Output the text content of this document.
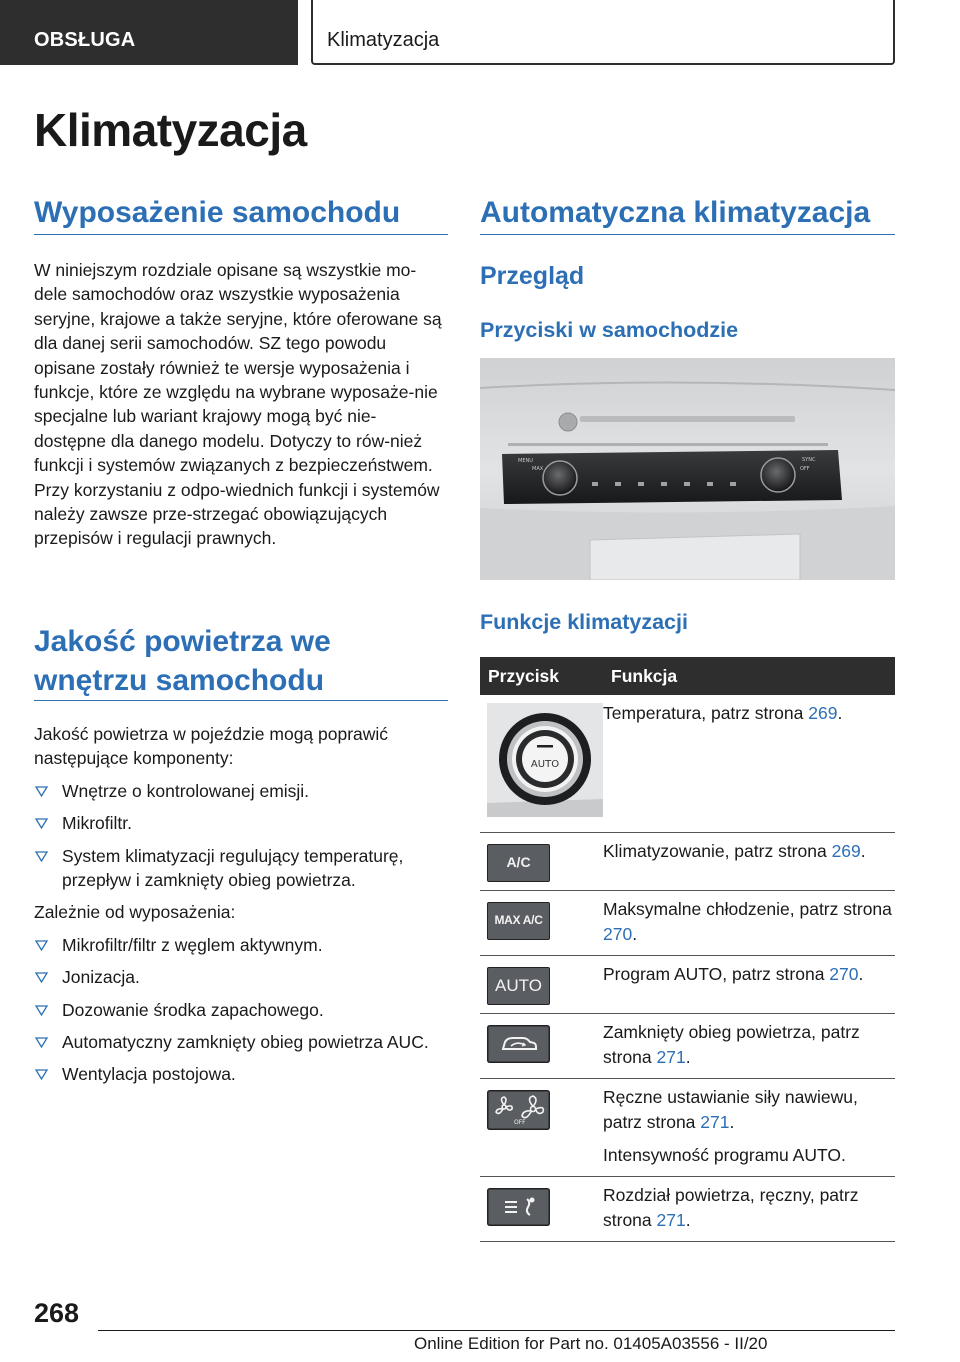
OBSŁUGA	Klimatyzacja
Klimatyzacja
Wyposażenie samochodu

W niniejszym rozdziale opisane są wszystkie mo‐dele samochodów oraz wszystkie wyposażenia seryjne, krajowe a także seryjne, które oferowane są dla danej serii samochodów. SZ tego powodu opisane zostały również te wersje wyposażenia i funkcje, które ze względu na wybrane wyposaże‐nie specjalne lub wariant krajowy mogą być nie‐dostępne dla danego modelu. Dotyczy to rów‐nież funkcji i systemów związanych z bezpieczeństwem. Przy korzystaniu z odpo‐wiednich funkcji i systemów należy zawsze prze‐strzegać obowiązujących przepisów i regulacji prawnych.

Jakość powietrza we
wnętrzu samochodu

Jakość powietrza w pojeździe mogą poprawić następujące komponenty:

Wnętrze o kontrolowanej emisji.
Mikrofiltr.
System klimatyzacji regulujący temperaturę, przepływ i zamknięty obieg powietrza.

Zależnie od wyposażenia:

Mikrofiltr/filtr z węglem aktywnym.
Jonizacja.
Dozowanie środka zapachowego.
Automatyczny zamknięty obieg powietrza AUC.
Wentylacja postojowa.
Automatyczna klimatyzacja
Przegląd
Przyciski w samochodzie
MENU
MAX
SYNC
OFF
Funkcje klimatyzacji
Przycisk	Funkcja

AUTO	Temperatura, patrz strona 269.

A/C	Klimatyzowanie, patrz strona 269.

MAX A/C	Maksymalne chłodzenie, patrz strona 270.

AUTO	Program AUTO, patrz strona 270.
	Zamknięty obieg powietrza, patrz strona 271.

OFF	Ręczne ustawianie siły nawiewu, patrz strona 271.
Intensywność programu AUTO.

	Rozdział powietrza, ręczny, patrz strona 271.
268
Online Edition for Part no. 01405A03556 - II/20
